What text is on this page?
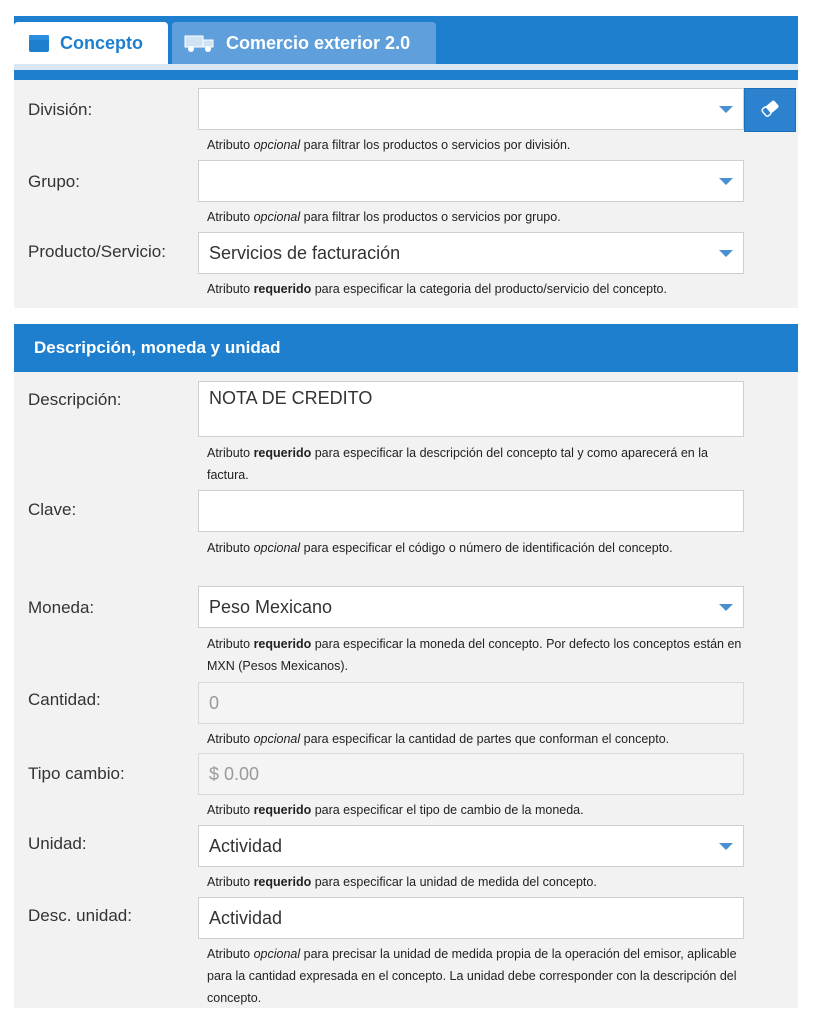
Concepto	Comercio exterior 2.0
División:
Atributo opcional para filtrar los productos o servicios por división.
Grupo:
Atributo opcional para filtrar los productos o servicios por grupo.
Producto/Servicio: Servicios de facturación
Atributo requerido para especificar la categoria del producto/servicio del concepto.
Descripción, moneda y unidad
Descripción:	NOTA DE CREDITO
Atributo requerido para especificar la descripción del concepto tal y como aparecerá en la factura.
Clave:
Atributo opcional para especificar el código o número de identificación del concepto.
Moneda:	Peso Mexicano
Atributo requerido para especificar la moneda del concepto. Por defecto los conceptos están en MXN (Pesos Mexicanos).
Cantidad:	0
Atributo opcional para especificar la cantidad de partes que conforman el concepto.
Tipo cambio:	$ 0.00
Atributo requerido para especificar el tipo de cambio de la moneda.
Unidad:	Actividad
Atributo requerido para especificar la unidad de medida del concepto.
Desc. unidad:	Actividad
Atributo opcional para precisar la unidad de medida propia de la operación del emisor, aplicable para la cantidad expresada en el concepto. La unidad debe corresponder con la descripción del concepto.
